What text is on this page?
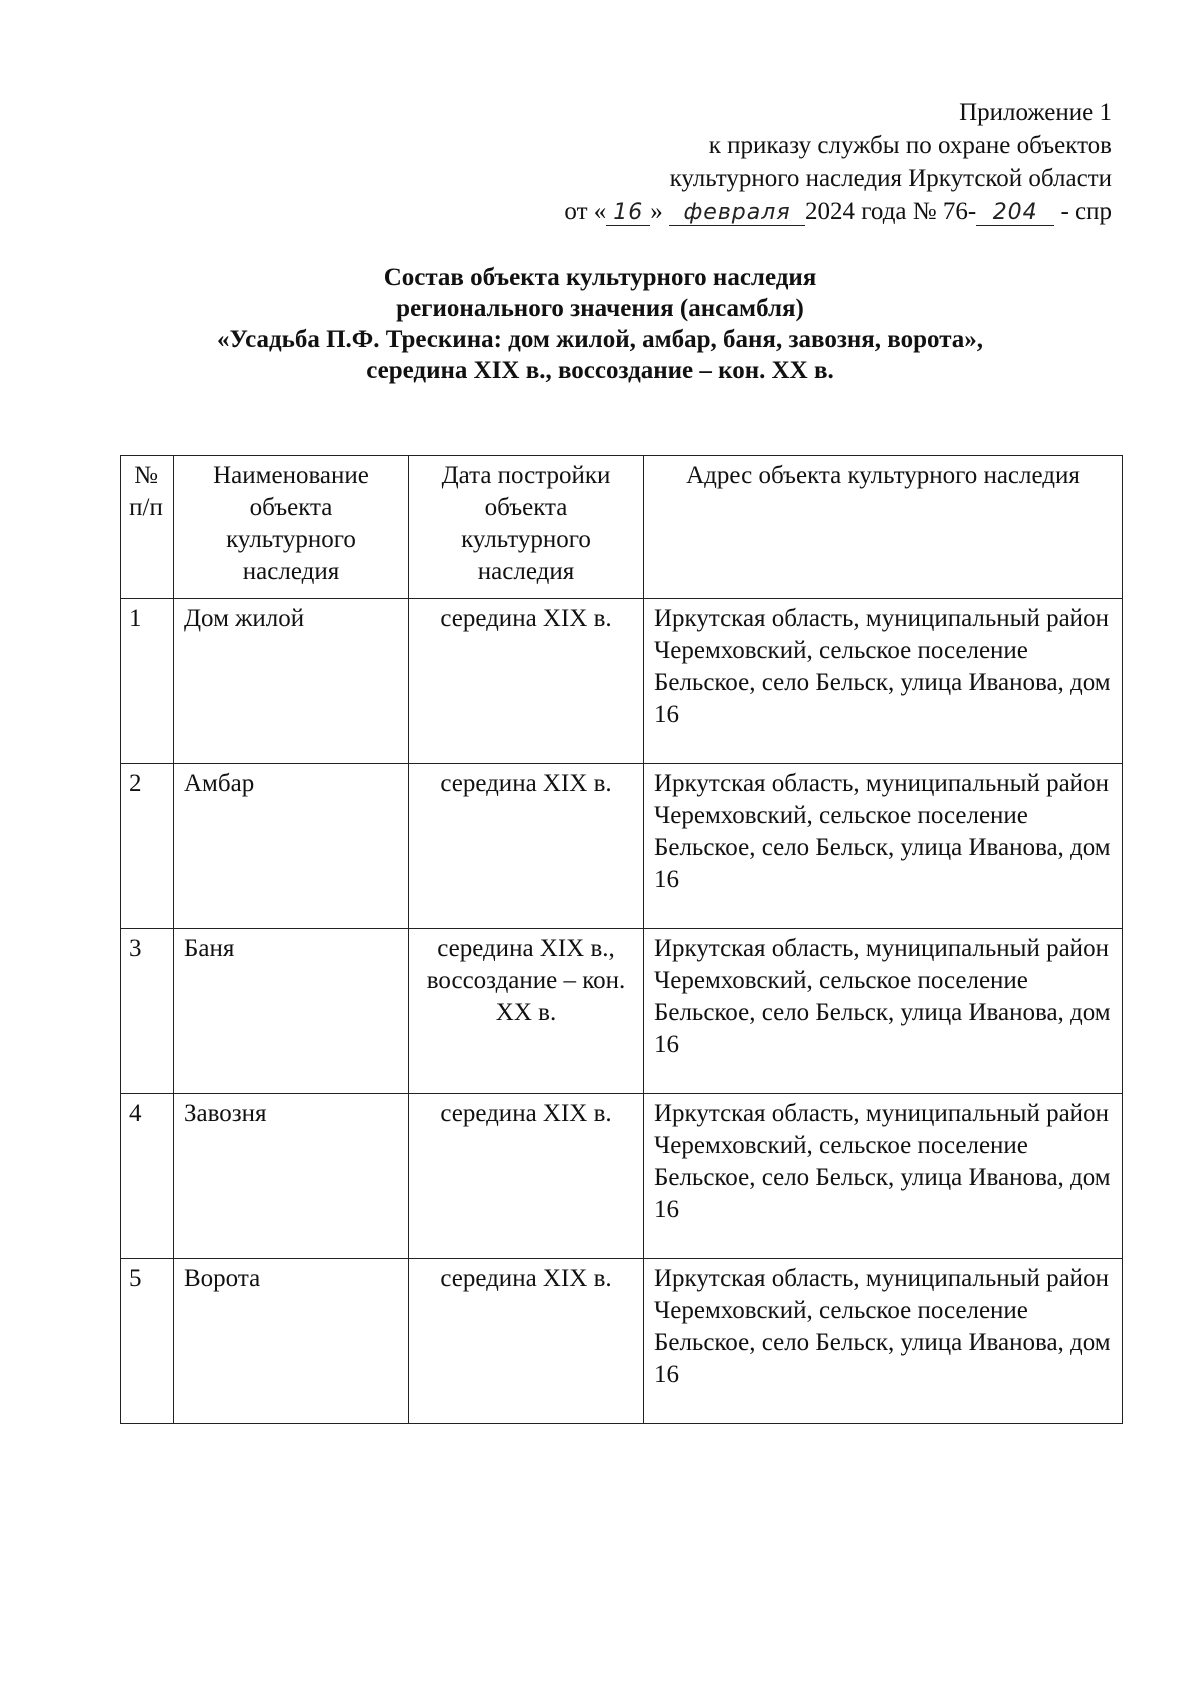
Приложение 1
к приказу службы по охране объектов
культурного наследия Иркутской области
от « 16 » февраля 2024 года № 76- 204 - спр
Состав объекта культурного наследия
регионального значения (ансамбля)
«Усадьба П.Ф. Трескина: дом жилой, амбар, баня, завозня, ворота»,
середина XIX в., воссоздание – кон. XX в.
№ п/п	Наименование объекта культурного наследия	Дата постройки объекта культурного наследия	Адрес объекта культурного наследия
1	Дом жилой	середина XIX в.	Иркутская область, муниципальный район Черемховский, сельское поселение Бельское, село Бельск, улица Иванова, дом 16
2	Амбар	середина XIX в.	Иркутская область, муниципальный район Черемховский, сельское поселение Бельское, село Бельск, улица Иванова, дом 16
3	Баня	середина XIX в., воссоздание – кон. XX в.	Иркутская область, муниципальный район Черемховский, сельское поселение Бельское, село Бельск, улица Иванова, дом 16
4	Завозня	середина XIX в.	Иркутская область, муниципальный район Черемховский, сельское поселение Бельское, село Бельск, улица Иванова, дом 16
5	Ворота	середина XIX в.	Иркутская область, муниципальный район Черемховский, сельское поселение Бельское, село Бельск, улица Иванова, дом 16
